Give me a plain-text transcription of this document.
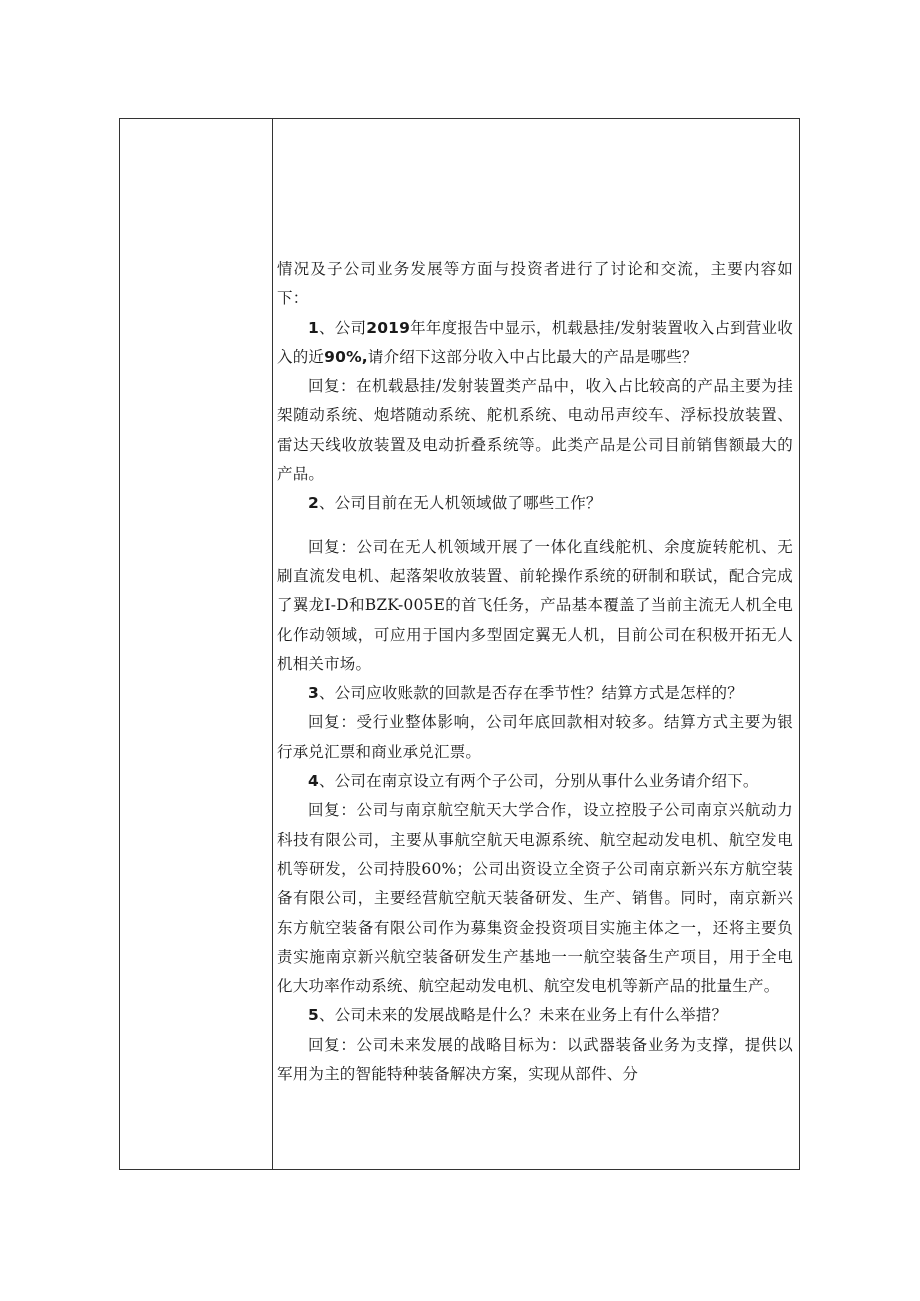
情况及子公司业务发展等方面与投资者进行了讨论和交流，主要内容如下：

1、公司2019年年度报告中显示，机载悬挂/发射装置收入占到营业收入的近90%,请介绍下这部分收入中占比最大的产品是哪些？

回复：在机载悬挂/发射装置类产品中，收入占比较高的产品主要为挂架随动系统、炮塔随动系统、舵机系统、电动吊声绞车、浮标投放装置、雷达天线收放装置及电动折叠系统等。此类产品是公司目前销售额最大的产品。

2、公司目前在无人机领域做了哪些工作？

回复：公司在无人机领域开展了一体化直线舵机、余度旋转舵机、无刷直流发电机、起落架收放装置、前轮操作系统的研制和联试，配合完成了翼龙I-D和BZK-005E的首飞任务，产品基本覆盖了当前主流无人机全电化作动领域，可应用于国内多型固定翼无人机，目前公司在积极开拓无人机相关市场。

3、公司应收账款的回款是否存在季节性？结算方式是怎样的？

回复：受行业整体影响，公司年底回款相对较多。结算方式主要为银行承兑汇票和商业承兑汇票。

4、公司在南京设立有两个子公司，分别从事什么业务请介绍下。

回复：公司与南京航空航天大学合作，设立控股子公司南京兴航动力科技有限公司，主要从事航空航天电源系统、航空起动发电机、航空发电机等研发，公司持股60%；公司出资设立全资子公司南京新兴东方航空装备有限公司，主要经营航空航天装备研发、生产、销售。同时，南京新兴东方航空装备有限公司作为募集资金投资项目实施主体之一，还将主要负责实施南京新兴航空装备研发生产基地一一航空装备生产项目，用于全电化大功率作动系统、航空起动发电机、航空发电机等新产品的批量生产。

5、公司未来的发展战略是什么？未来在业务上有什么举措？

回复：公司未来发展的战略目标为：以武器装备业务为支撑，提供以军用为主的智能特种装备解决方案，实现从部件、分
